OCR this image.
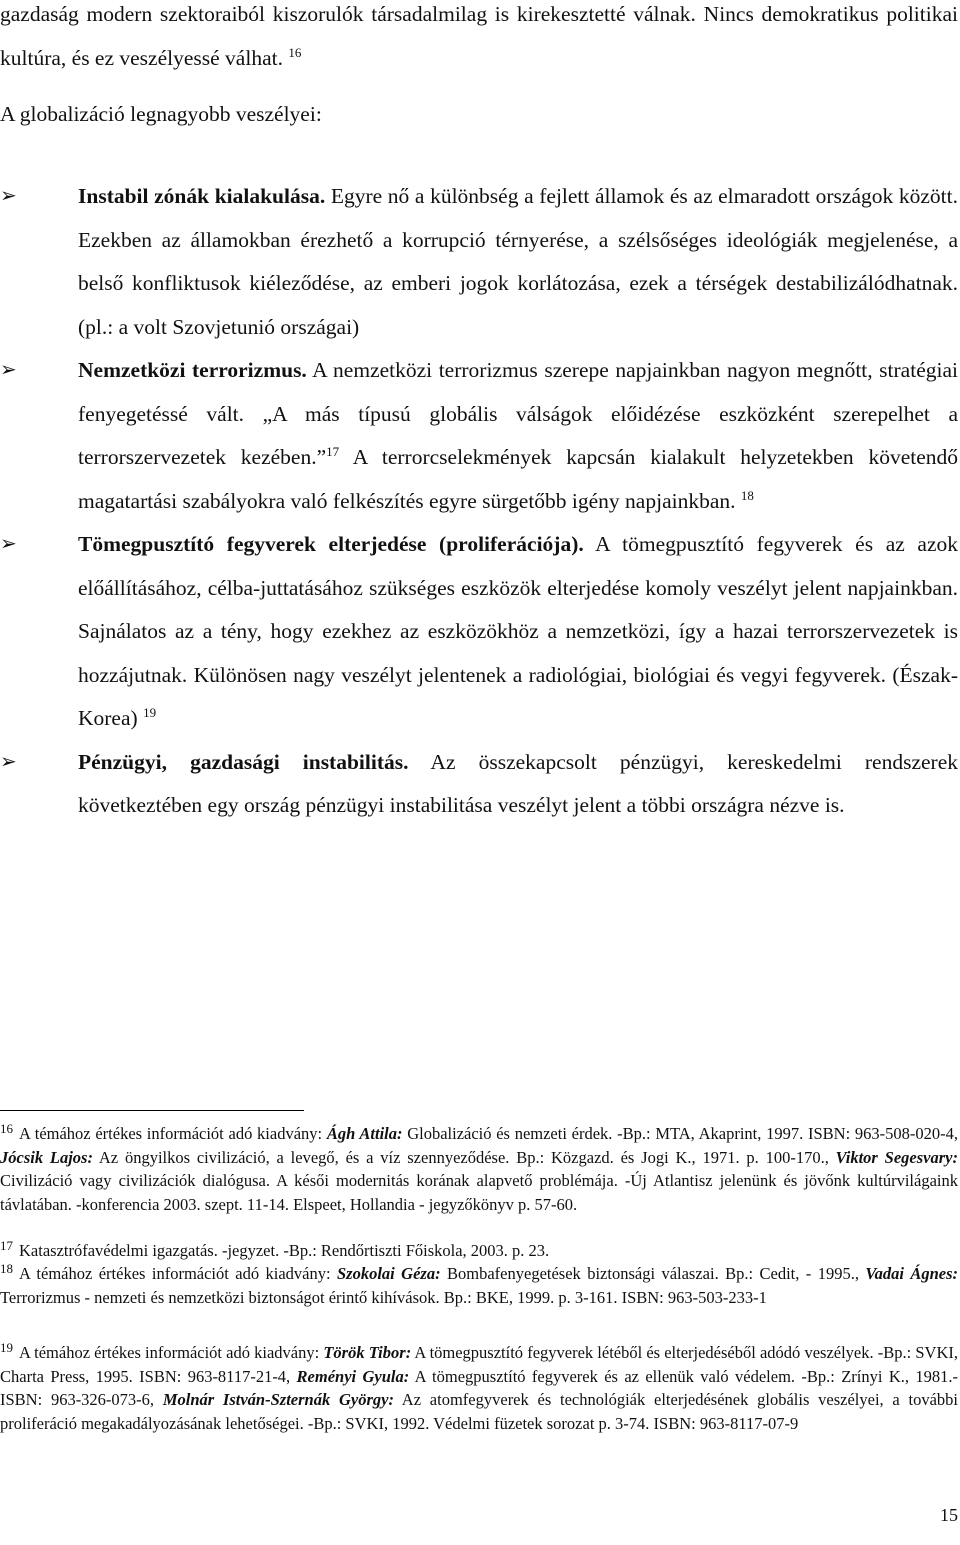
gazdaság modern szektoraiból kiszorulók társadalmilag is kirekesztetté válnak. Nincs demokratikus politikai kultúra, és ez veszélyessé válhat. $^{16}$
A globalizáció legnagyobb veszélyei:
➢	Instabil zónák kialakulása. Egyre nő a különbség a fejlett államok és az elmaradott országok között. Ezekben az államokban érezhető a korrupció térnyerése, a szélsőséges ideológiák megjelenése, a belső konfliktusok kiéleződése, az emberi jogok korlátozása, ezek a térségek destabilizálódhatnak. (pl.: a volt Szovjetunió országai)
➢	Nemzetközi terrorizmus. A nemzetközi terrorizmus szerepe napjainkban nagyon megnőtt, stratégiai fenyegetéssé vált. „A más típusú globális válságok előidézése eszközként szerepelhet a terrorszervezetek kezében.”$^{17}$ A terrorcselekmények kapcsán kialakult helyzetekben követendő magatartási szabályokra való felkészítés egyre sürgetőbb igény napjainkban. $^{18}$
➢	Tömegpusztító fegyverek elterjedése (proliferációja). A tömegpusztító fegyverek és az azok előállításához, célba-juttatásához szükséges eszközök elterjedése komoly veszélyt jelent napjainkban. Sajnálatos az a tény, hogy ezekhez az eszközökhöz a nemzetközi, így a hazai terrorszervezetek is hozzájutnak. Különösen nagy veszélyt jelentenek a radiológiai, biológiai és vegyi fegyverek. (Észak-Korea) $^{19}$
➢	Pénzügyi, gazdasági instabilitás. Az összekapcsolt pénzügyi, kereskedelmi rendszerek következtében egy ország pénzügyi instabilitása veszélyt jelent a többi országra nézve is.
$^{16}$ A témához értékes információt adó kiadvány: Ágh Attila: Globalizáció és nemzeti érdek. -Bp.: MTA, Akaprint, 1997. ISBN: 963-508-020-4, Jócsik Lajos: Az öngyilkos civilizáció, a levegő, és a víz szennyeződése. Bp.: Közgazd. és Jogi K., 1971. p. 100-170., Viktor Segesvary: Civilizáció vagy civilizációk dialógusa. A késői modernitás korának alapvető problémája. -Új Atlantisz jelenünk és jövőnk kultúrvilágaink távlatában. -konferencia 2003. szept. 11-14. Elspeet, Hollandia - jegyzőkönyv p. 57-60.
$^{17}$ Katasztrófavédelmi igazgatás. -jegyzet. -Bp.: Rendőrtiszti Főiskola, 2003. p. 23.
$^{18}$ A témához értékes információt adó kiadvány: Szokolai Géza: Bombafenyegetések biztonsági válaszai. Bp.: Cedit, - 1995., Vadai Ágnes: Terrorizmus - nemzeti és nemzetközi biztonságot érintő kihívások. Bp.: BKE, 1999. p. 3-161. ISBN: 963-503-233-1
$^{19}$ A témához értékes információt adó kiadvány: Török Tibor: A tömegpusztító fegyverek létéből és elterjedéséből adódó veszélyek. -Bp.: SVKI, Charta Press, 1995. ISBN: 963-8117-21-4, Reményi Gyula: A tömegpusztító fegyverek és az ellenük való védelem. -Bp.: Zrínyi K., 1981.-ISBN: 963-326-073-6, Molnár István-Szternák György: Az atomfegyverek és technológiák elterjedésének globális veszélyei, a további proliferáció megakadályozásának lehetőségei. -Bp.: SVKI, 1992. Védelmi füzetek sorozat p. 3-74. ISBN: 963-8117-07-9
15
